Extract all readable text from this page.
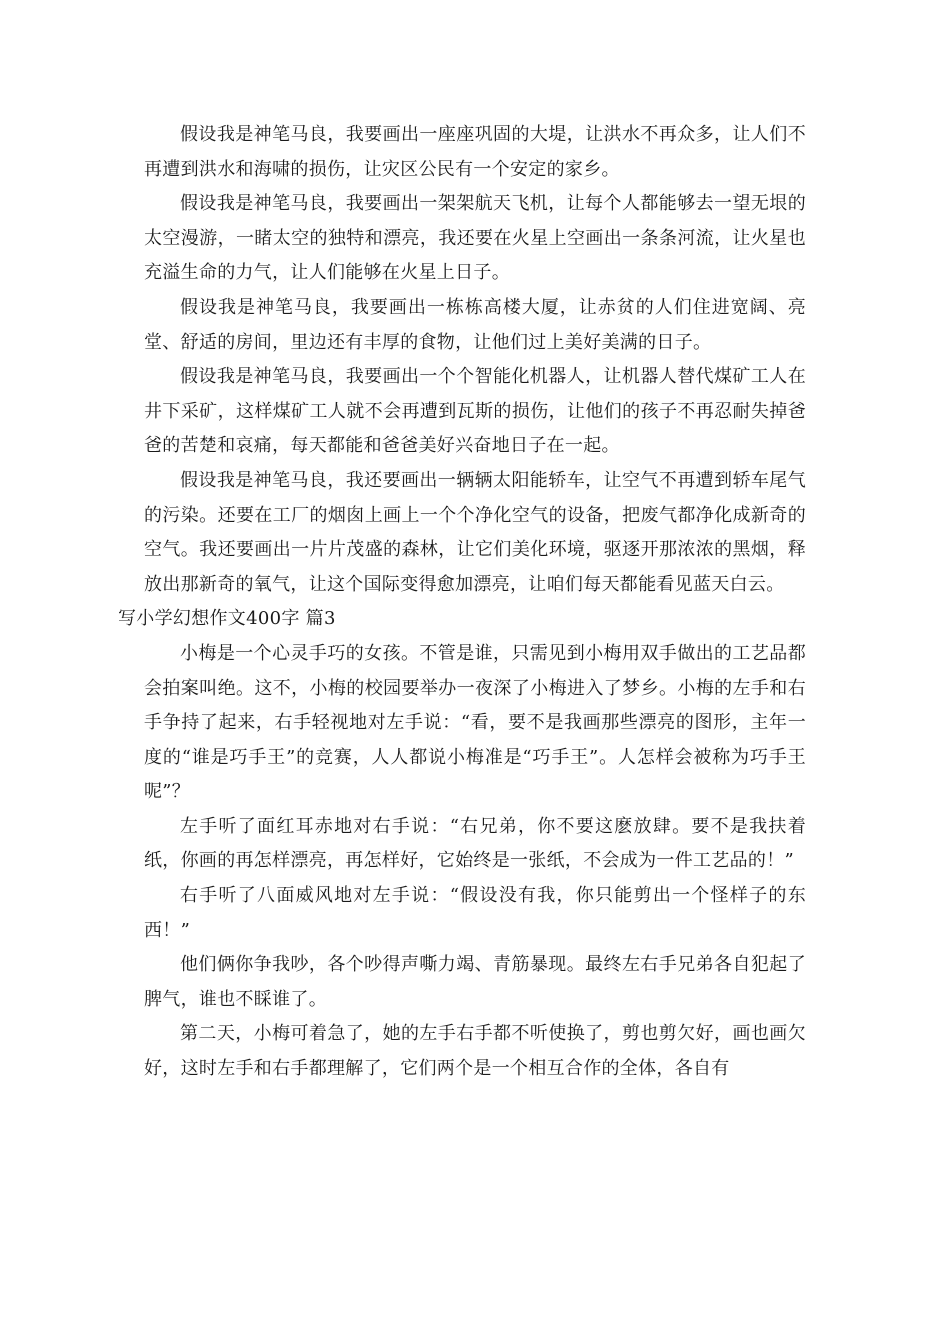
假设我是神笔马良，我要画出一座座巩固的大堤，让洪水不再众多，让人们不再遭到洪水和海啸的损伤，让灾区公民有一个安定的家乡。

假设我是神笔马良，我要画出一架架航天飞机，让每个人都能够去一望无垠的太空漫游，一睹太空的独特和漂亮，我还要在火星上空画出一条条河流，让火星也充溢生命的力气，让人们能够在火星上日子。

假设我是神笔马良，我要画出一栋栋高楼大厦，让赤贫的人们住进宽阔、亮堂、舒适的房间，里边还有丰厚的食物，让他们过上美好美满的日子。

假设我是神笔马良，我要画出一个个智能化机器人，让机器人替代煤矿工人在井下采矿，这样煤矿工人就不会再遭到瓦斯的损伤，让他们的孩子不再忍耐失掉爸爸的苦楚和哀痛，每天都能和爸爸美好兴奋地日子在一起。

假设我是神笔马良，我还要画出一辆辆太阳能轿车，让空气不再遭到轿车尾气的污染。还要在工厂的烟囱上画上一个个净化空气的设备，把废气都净化成新奇的空气。我还要画出一片片茂盛的森林，让它们美化环境，驱逐开那浓浓的黑烟，释放出那新奇的氧气，让这个国际变得愈加漂亮，让咱们每天都能看见蓝天白云。

写小学幻想作文400字 篇3

小梅是一个心灵手巧的女孩。不管是谁，只需见到小梅用双手做出的工艺品都会拍案叫绝。这不，小梅的校园要举办一夜深了小梅进入了梦乡。小梅的左手和右手争持了起来，右手轻视地对左手说：“看，要不是我画那些漂亮的图形，主年一度的“谁是巧手王”的竞赛，人人都说小梅准是“巧手王”。人怎样会被称为巧手王呢”？

左手听了面红耳赤地对右手说：“右兄弟，你不要这麽放肆。要不是我扶着纸，你画的再怎样漂亮，再怎样好，它始终是一张纸，不会成为一件工艺品的！”

右手听了八面威风地对左手说：“假设没有我，你只能剪出一个怪样子的东西！”

他们俩你争我吵，各个吵得声嘶力竭、青筋暴现。最终左右手兄弟各自犯起了脾气，谁也不睬谁了。

第二天，小梅可着急了，她的左手右手都不听使换了，剪也剪欠好，画也画欠好，这时左手和右手都理解了，它们两个是一个相互合作的全体，各自有
